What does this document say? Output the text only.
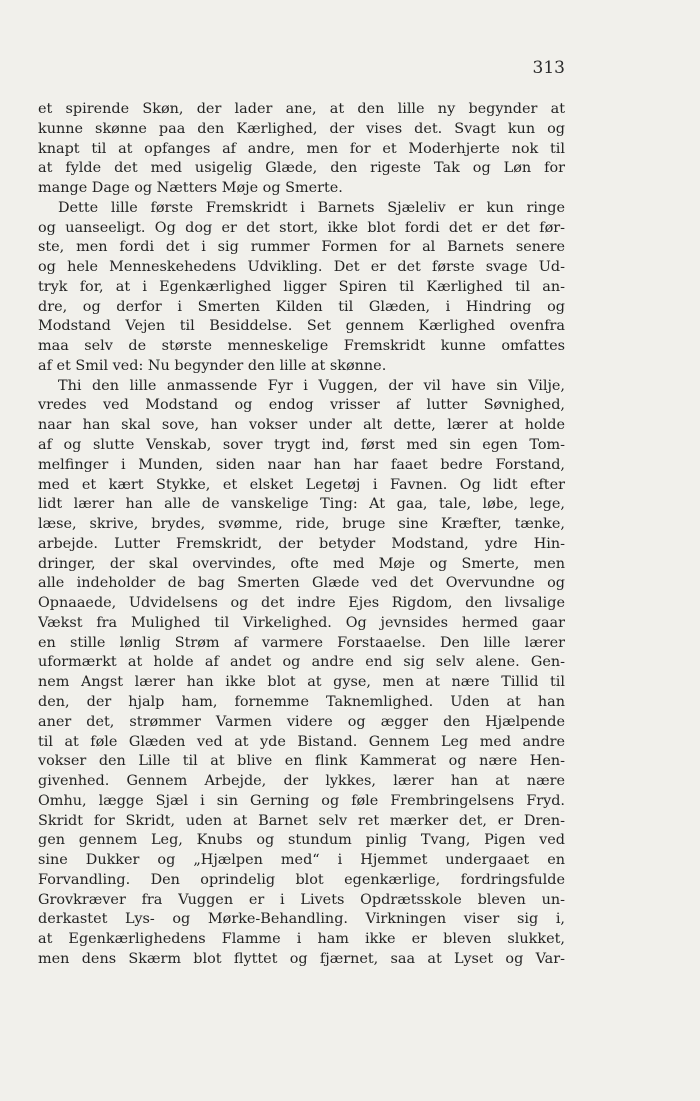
313
et spirende Skøn, der lader ane, at den lille ny begynder at
kunne skønne paa den Kærlighed, der vises det. Svagt kun og
knapt til at opfanges af andre, men for et Moderhjerte nok til
at fylde det med usigelig Glæde, den rigeste Tak og Løn for
mange Dage og Nætters Møje og Smerte.
Dette lille første Fremskridt i Barnets Sjæleliv er kun ringe
og uanseeligt. Og dog er det stort, ikke blot fordi det er det før-
ste, men fordi det i sig rummer Formen for al Barnets senere
og hele Menneskehedens Udvikling. Det er det første svage Ud-
tryk for, at i Egenkærlighed ligger Spiren til Kærlighed til an-
dre, og derfor i Smerten Kilden til Glæden, i Hindring og
Modstand Vejen til Besiddelse. Set gennem Kærlighed ovenfra
maa selv de største menneskelige Fremskridt kunne omfattes
af et Smil ved: Nu begynder den lille at skønne.
Thi den lille anmassende Fyr i Vuggen, der vil have sin Vilje,
vredes ved Modstand og endog vrisser af lutter Søvnighed,
naar han skal sove, han vokser under alt dette, lærer at holde
af og slutte Venskab, sover trygt ind, først med sin egen Tom-
melfinger i Munden, siden naar han har faaet bedre Forstand,
med et kært Stykke, et elsket Legetøj i Favnen. Og lidt efter
lidt lærer han alle de vanskelige Ting: At gaa, tale, løbe, lege,
læse, skrive, brydes, svømme, ride, bruge sine Kræfter, tænke,
arbejde. Lutter Fremskridt, der betyder Modstand, ydre Hin-
dringer, der skal overvindes, ofte med Møje og Smerte, men
alle indeholder de bag Smerten Glæde ved det Overvundne og
Opnaaede, Udvidelsens og det indre Ejes Rigdom, den livsalige
Vækst fra Mulighed til Virkelighed. Og jevnsides hermed gaar
en stille lønlig Strøm af varmere Forstaaelse. Den lille lærer
uformærkt at holde af andet og andre end sig selv alene. Gen-
nem Angst lærer han ikke blot at gyse, men at nære Tillid til
den, der hjalp ham, fornemme Taknemlighed. Uden at han
aner det, strømmer Varmen videre og ægger den Hjælpende
til at føle Glæden ved at yde Bistand. Gennem Leg med andre
vokser den Lille til at blive en flink Kammerat og nære Hen-
givenhed. Gennem Arbejde, der lykkes, lærer han at nære
Omhu, lægge Sjæl i sin Gerning og føle Frembringelsens Fryd.
Skridt for Skridt, uden at Barnet selv ret mærker det, er Dren-
gen gennem Leg, Knubs og stundum pinlig Tvang, Pigen ved
sine Dukker og „Hjælpen med“ i Hjemmet undergaaet en
Forvandling. Den oprindelig blot egenkærlige, fordringsfulde
Grovkræver fra Vuggen er i Livets Opdrætsskole bleven un-
derkastet Lys- og Mørke-Behandling. Virkningen viser sig i,
at Egenkærlighedens Flamme i ham ikke er bleven slukket,
men dens Skærm blot flyttet og fjærnet, saa at Lyset og Var-
